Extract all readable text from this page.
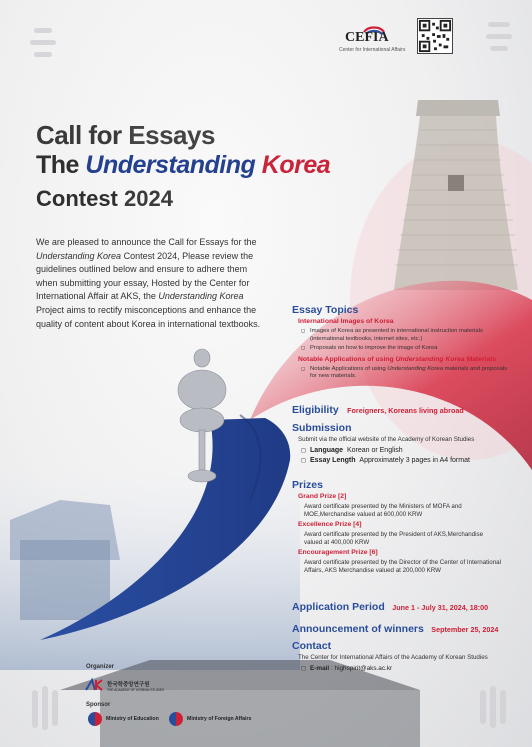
CEFIA
Center for International Affairs
Call for Essays
The Understanding Korea
Contest 2024
We are pleased to announce the Call for Essays for the Understanding Korea Contest 2024, Please review the guidelines outlined below and ensure to adhere them when submitting your essay, Hosted by the Center for International Affair at AKS, the Understanding Korea Project aims to rectify misconceptions and enhance the quality of content about Korea in international textbooks.
Essay Topics
International Images of Korea
◻ Images of Korea as presented in international instruction materials (international textbooks, internet sites, etc.)
◻ Proposals on how to improve the image of Korea
Notable Applications of using Understanding Korea Materials
◻ Notable Applications of using Understanding Korea materials and proposals for new materials.
Eligibility Foreigners, Koreans living abroad
Submission
Submit via the official website of the Academy of Korean Studies
◻ Language Korean or English
◻ Essay Length Approximately 3 pages in A4 format
Prizes
Grand Prize [2]
Award certificate presented by the Ministers of MOFA and MOE,Merchandise valued at 600,000 KRW
Excellence Prize [4]
Award certificate presented by the President of AKS,Merchandise valued at 400,000 KRW
Encouragement Prize [6]
Award certificate presented by the Director of the Center of International Affairs, AKS Merchandise valued at 200,000 KRW
Application Period June 1 - July 31, 2024, 18:00
Announcement of winners September 25, 2024
Contact
The Center for International Affairs of the Academy of Korean Studies
◻ E-mail : highspirit@aks.ac.kr
Organizer
한국학중앙연구원
THE ACADEMY OF KOREAN STUDIES
Sponsor
Ministry of Education	Ministry of Foreign Affairs
